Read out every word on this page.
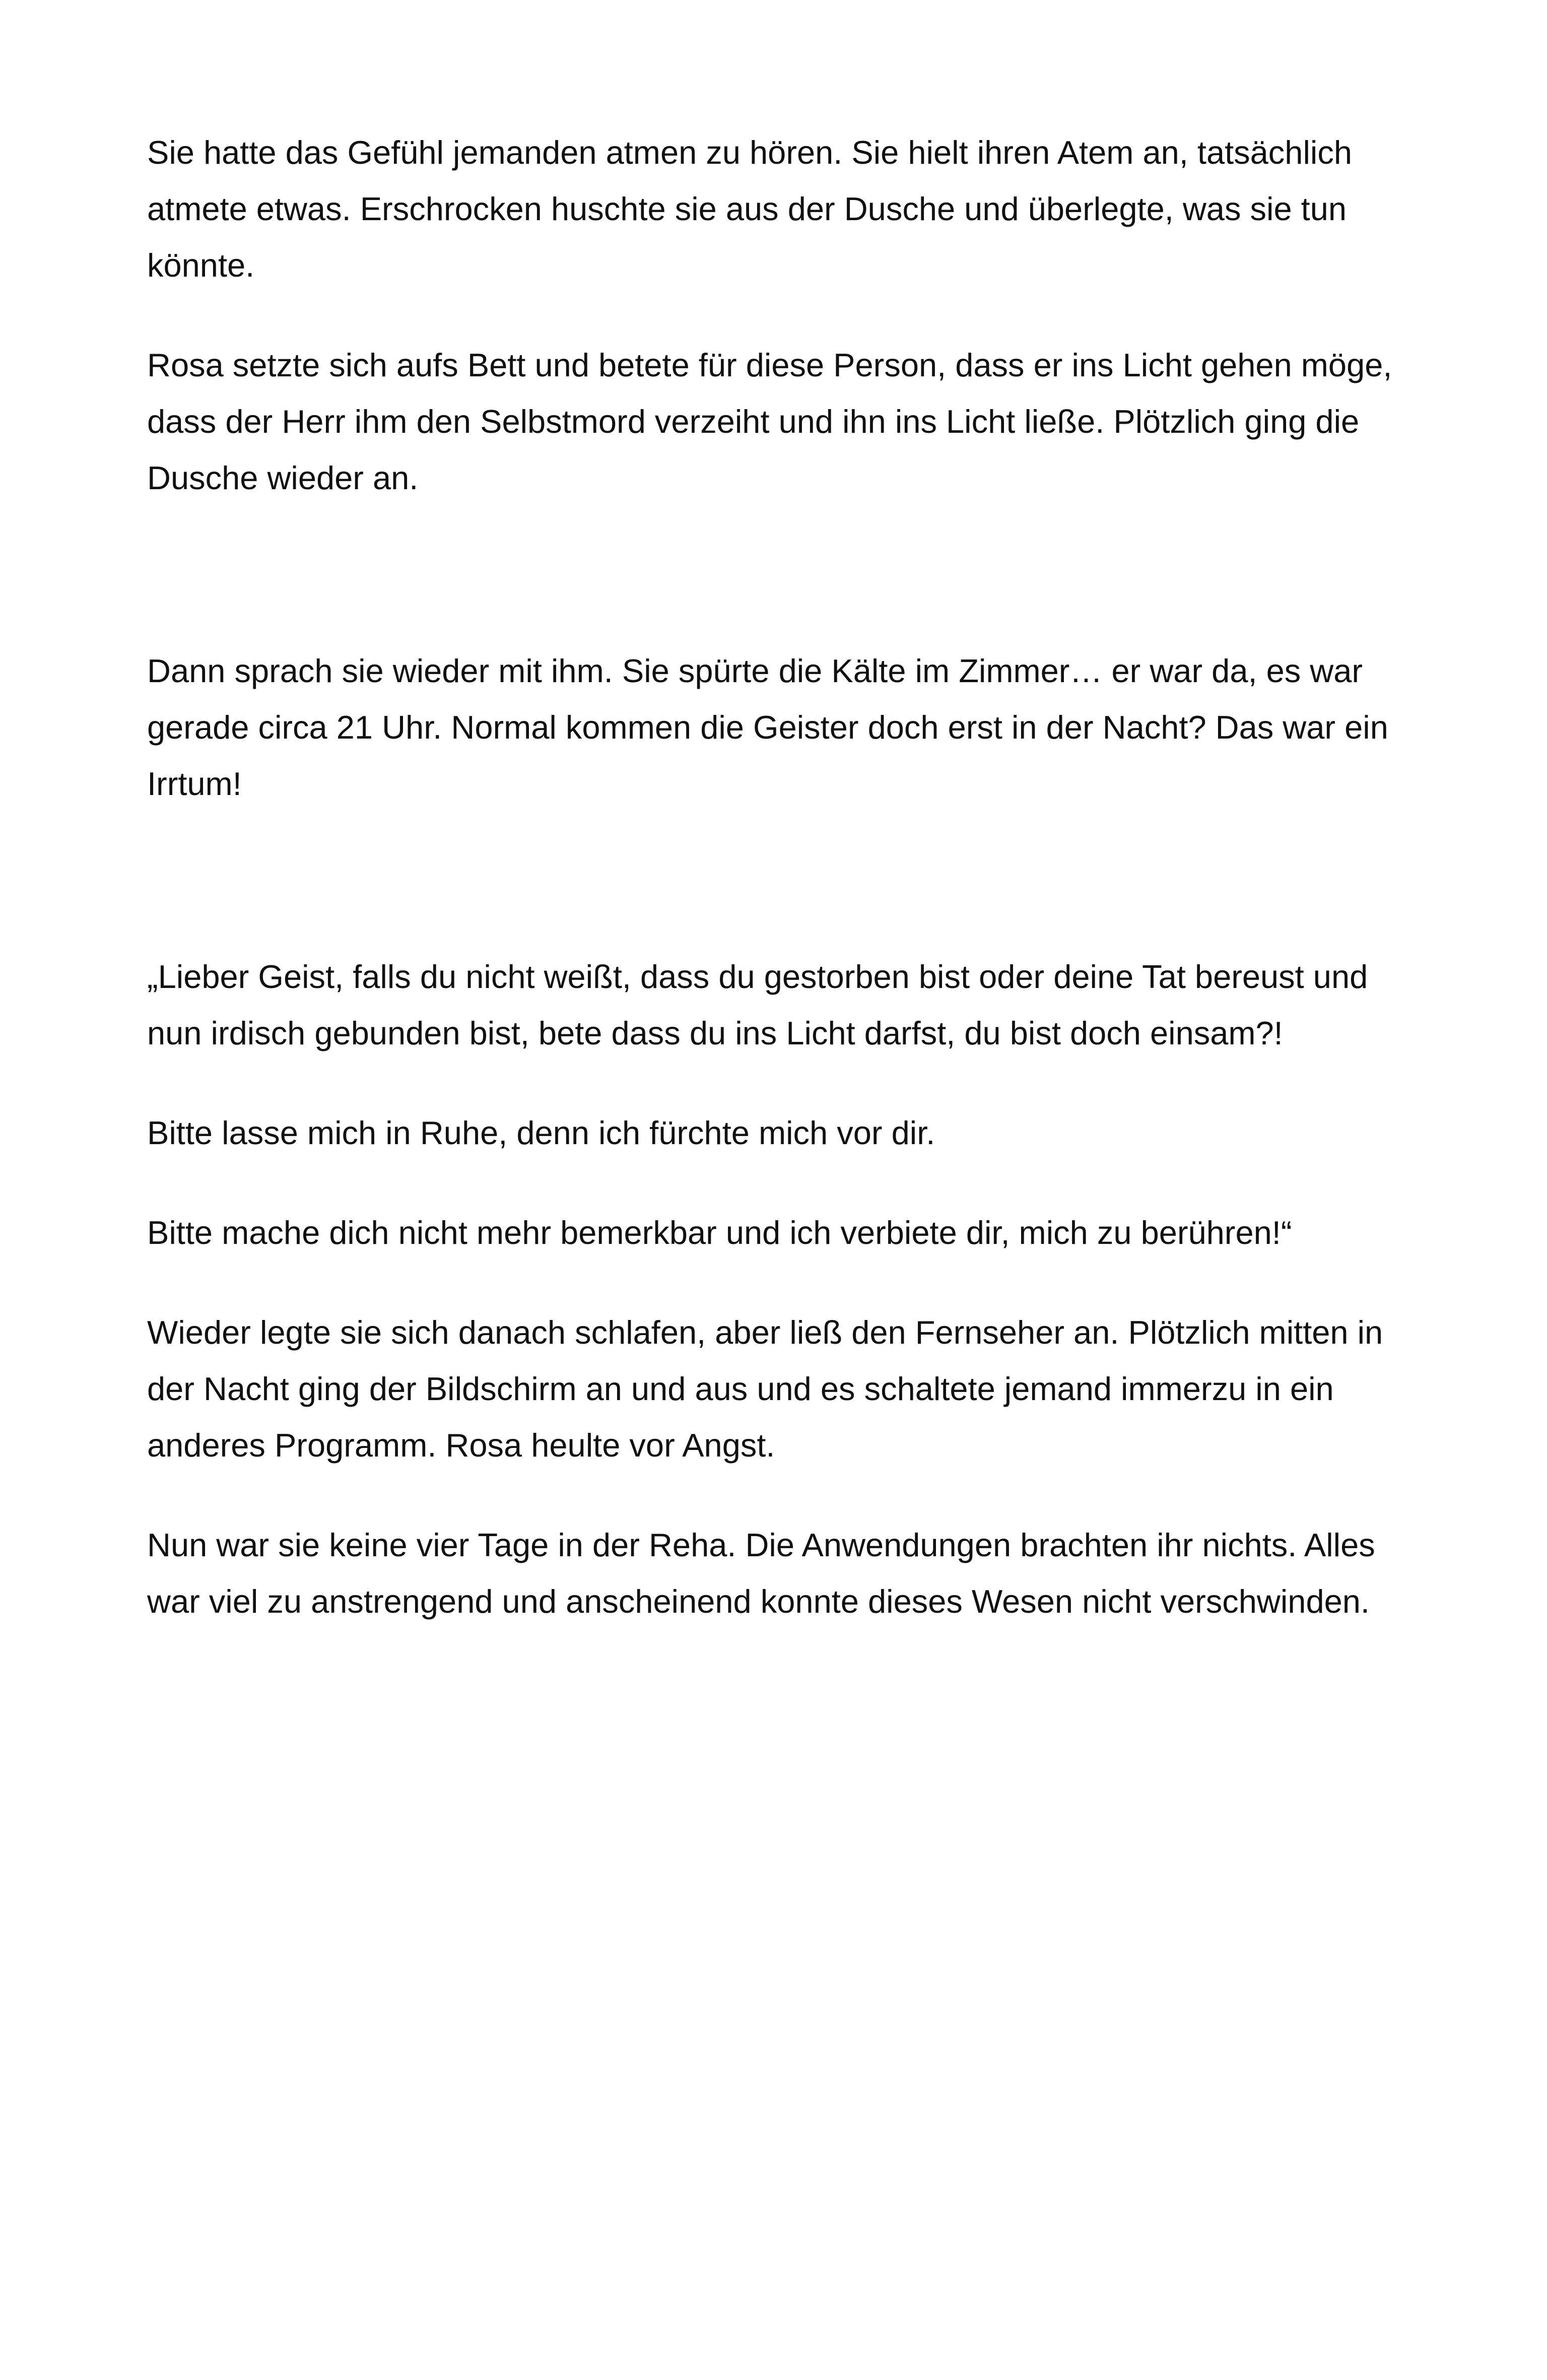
Sie hatte das Gefühl jemanden atmen zu hören. Sie hielt ihren Atem an, tatsächlich atmete etwas. Erschrocken huschte sie aus der Dusche und überlegte, was sie tun könnte.

Rosa setzte sich aufs Bett und betete für diese Person, dass er ins Licht gehen möge, dass der Herr ihm den Selbstmord verzeiht und ihn ins Licht ließe. Plötzlich ging die Dusche wieder an.

Dann sprach sie wieder mit ihm. Sie spürte die Kälte im Zimmer… er war da, es war gerade circa 21 Uhr. Normal kommen die Geister doch erst in der Nacht? Das war ein Irrtum!

„Lieber Geist, falls du nicht weißt, dass du gestorben bist oder deine Tat bereust und nun irdisch gebunden bist, bete dass du ins Licht darfst, du bist doch einsam?!

Bitte lasse mich in Ruhe, denn ich fürchte mich vor dir.

Bitte mache dich nicht mehr bemerkbar und ich verbiete dir, mich zu berühren!“

Wieder legte sie sich danach schlafen, aber ließ den Fernseher an. Plötzlich mitten in der Nacht ging der Bildschirm an und aus und es schaltete jemand immerzu in ein anderes Programm. Rosa heulte vor Angst.

Nun war sie keine vier Tage in der Reha. Die Anwendungen brachten ihr nichts. Alles war viel zu anstrengend und anscheinend konnte dieses Wesen nicht verschwinden.
